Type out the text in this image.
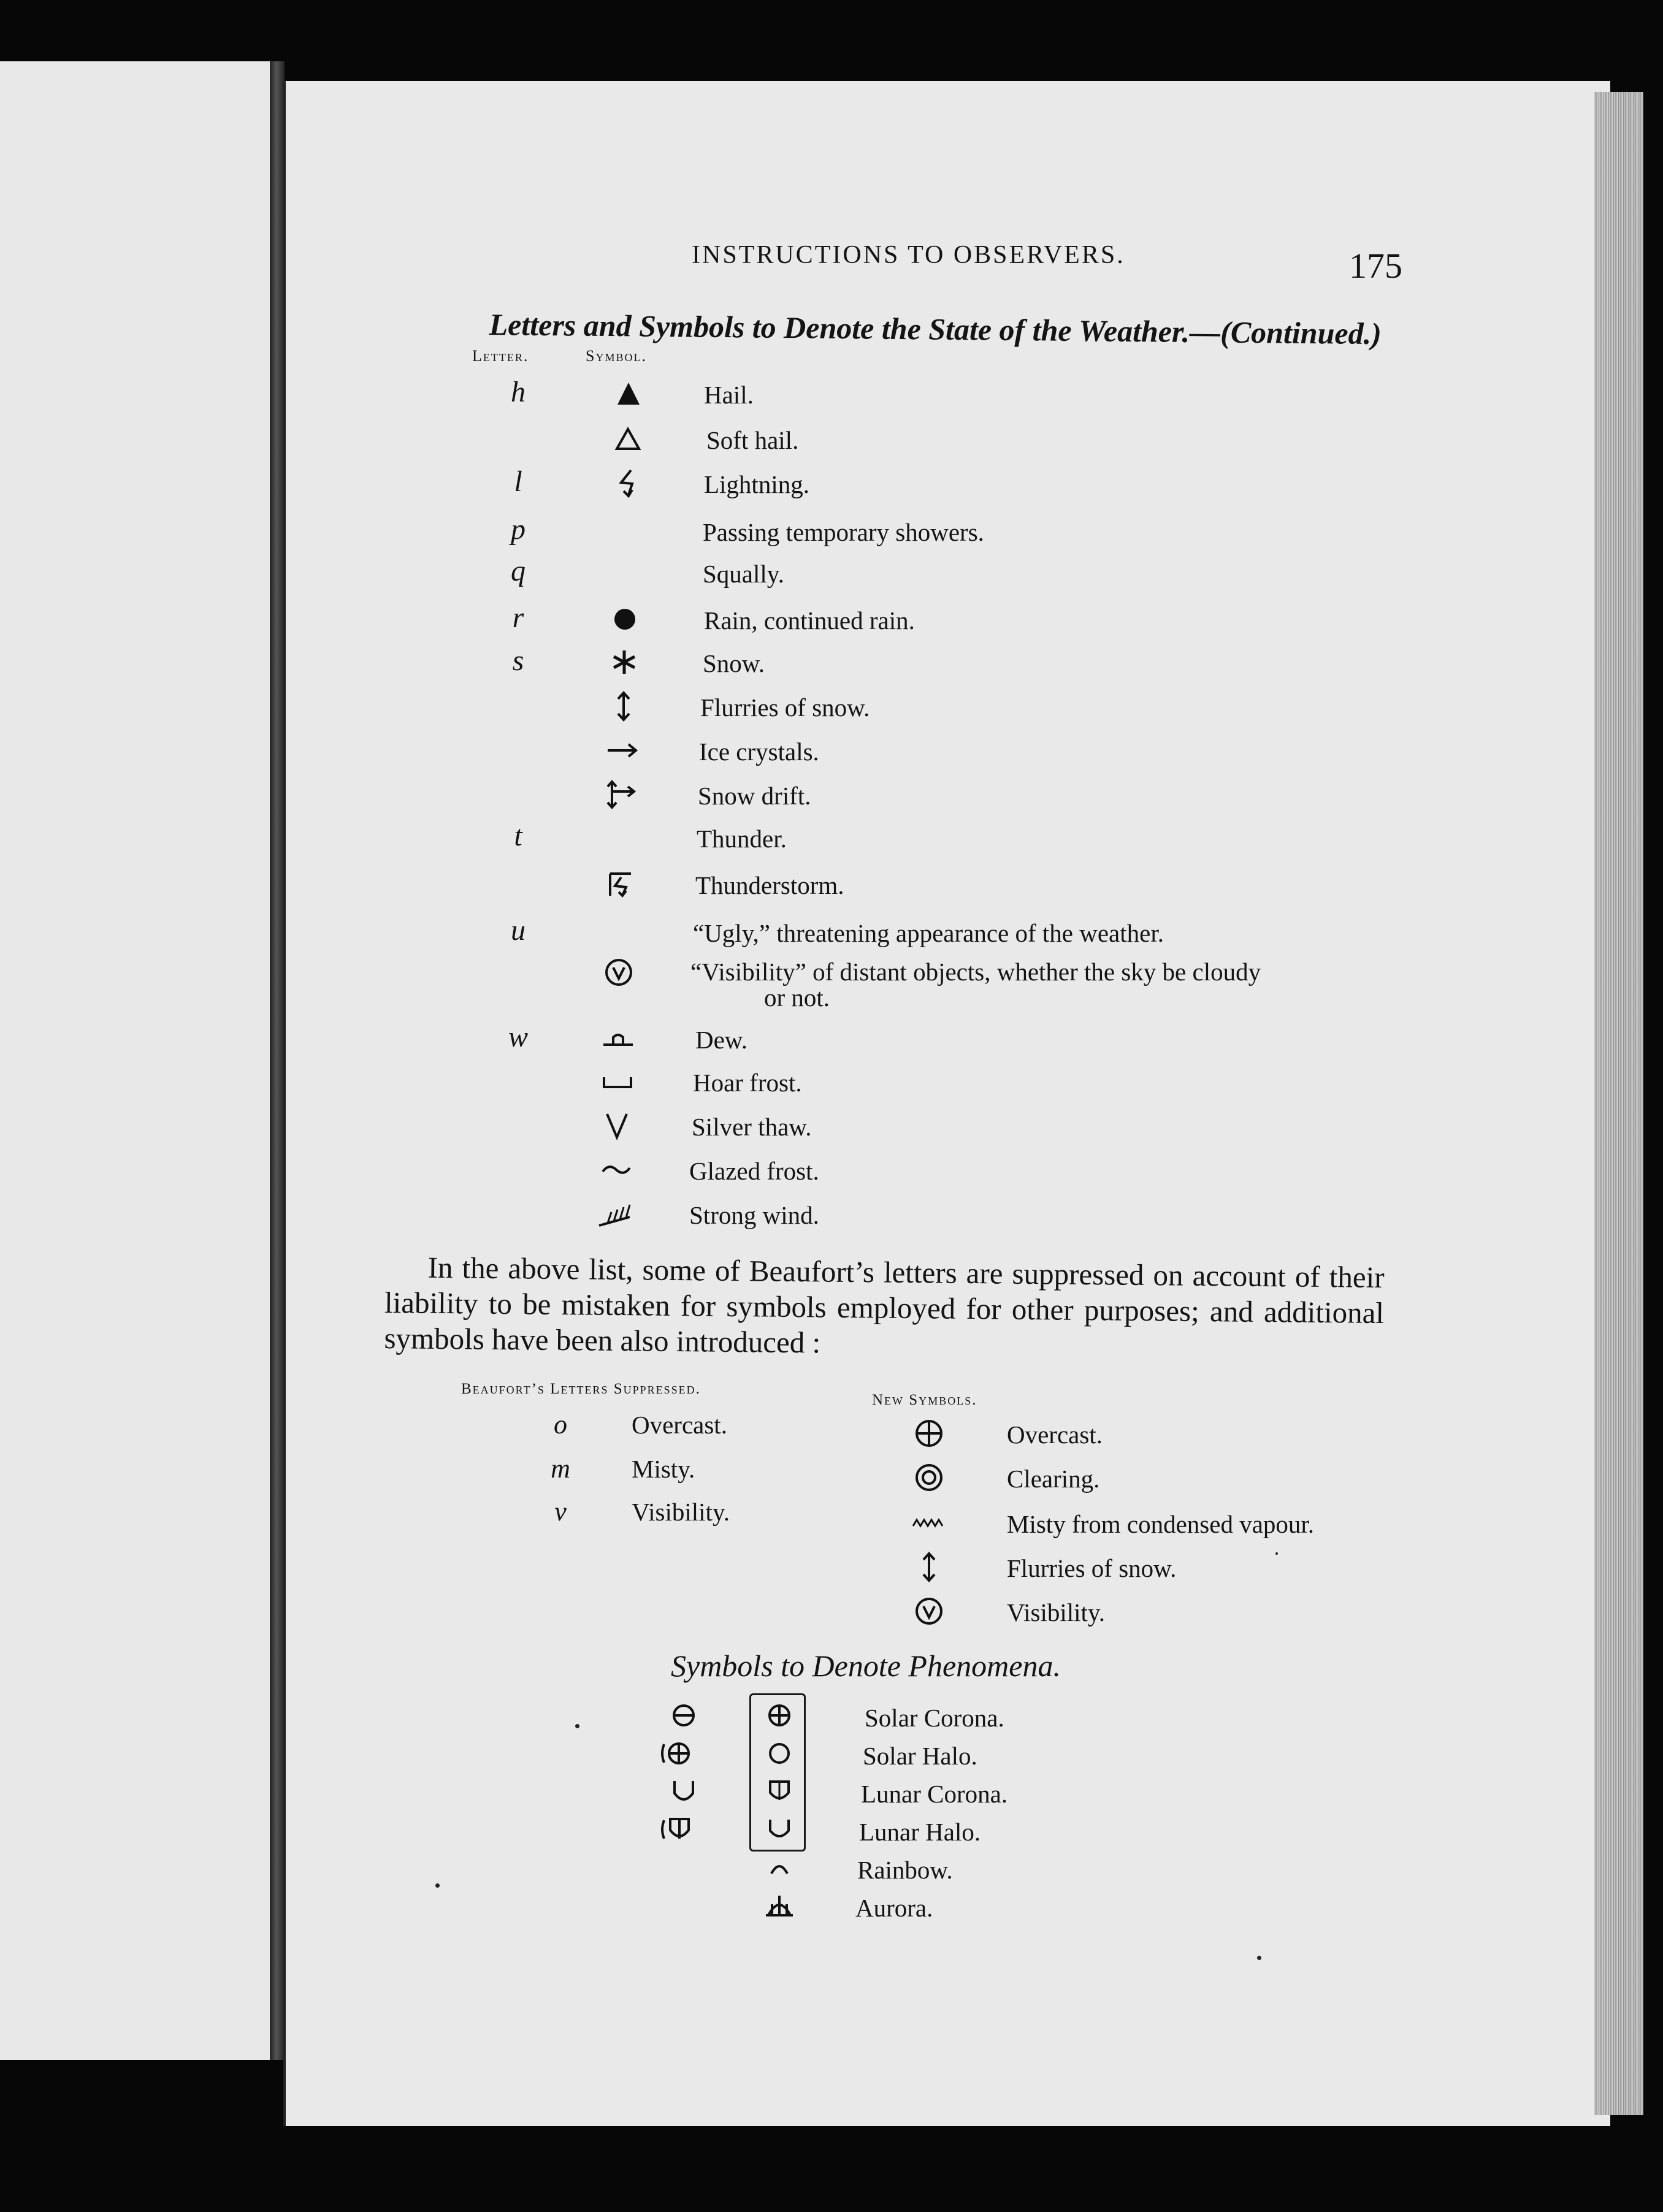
INSTRUCTIONS TO OBSERVERS.	175
Letters and Symbols to Denote the State of the Weather.—(Continued.)
Letter.	Symbol.
h	Hail.
Soft hail.
l	Lightning.
p	Passing temporary showers.
q	Squally.
r	Rain, continued rain.
s	Snow.
Flurries of snow.
Ice crystals.
Snow drift.
t	Thunder.
Thunderstorm.
u	“Ugly,” threatening appearance of the weather.
“Visibility” of distant objects, whether the sky be cloudy
or not.
w	Dew.
Hoar frost.
Silver thaw.
Glazed frost.
Strong wind.
In the above list, some of Beaufort’s letters are suppressed on account of their liability to be mistaken for symbols employed for other purposes; and additional symbols have been also introduced :
Beaufort’s Letters Suppressed.
New Symbols.
o	Overcast.
m	Misty.
v	Visibility.
Overcast.
Clearing.
Misty from condensed vapour.
Flurries of snow.
Visibility.
Symbols to Denote Phenomena.
Solar Corona.
Solar Halo.
Lunar Corona.
Lunar Halo.
Rainbow.
Aurora.
